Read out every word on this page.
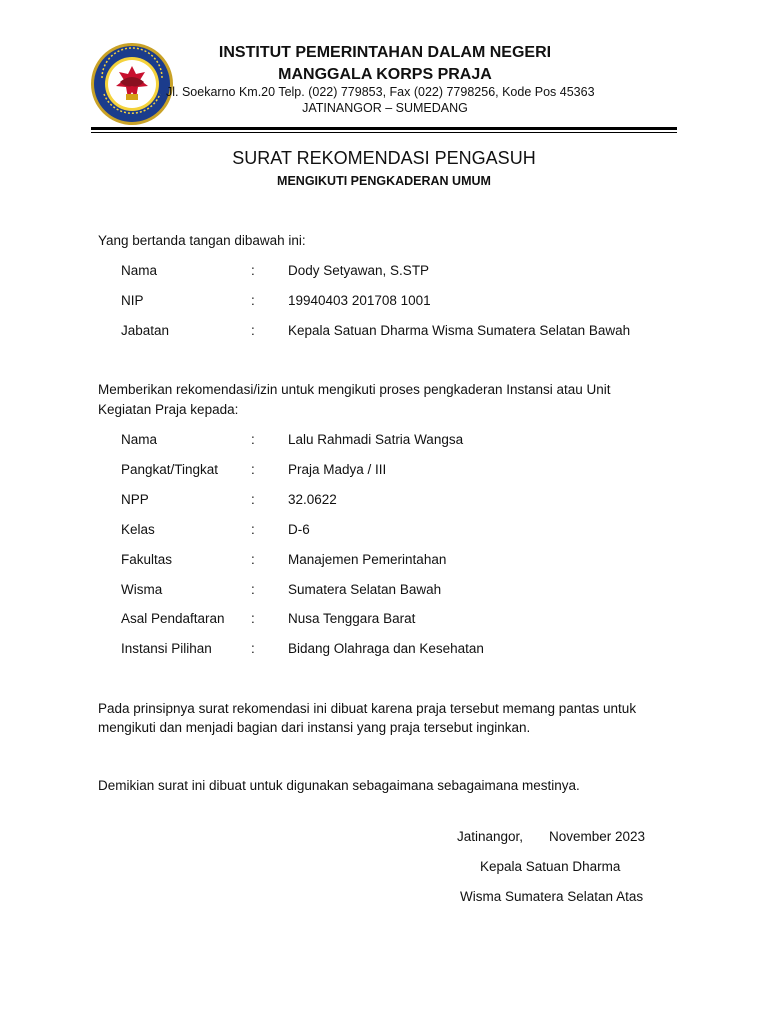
INSTITUT PEMERINTAHAN DALAM NEGERI
MANGGALA KORPS PRAJA
Jl. Soekarno Km.20 Telp. (022) 779853, Fax (022) 7798256, Kode Pos 45363
JATINANGOR – SUMEDANG
SURAT REKOMENDASI PENGASUH
MENGIKUTI PENGKADERAN UMUM
Yang bertanda tangan dibawah ini:
Nama	: Dody Setyawan, S.STP
NIP	: 19940403 201708 1001
Jabatan	: Kepala Satuan Dharma Wisma Sumatera Selatan Bawah
Memberikan rekomendasi/izin untuk mengikuti proses pengkaderan Instansi atau Unit
Kegiatan Praja kepada:
Nama	: Lalu Rahmadi Satria Wangsa
Pangkat/Tingkat : Praja Madya / III
NPP	: 32.0622
Kelas	: D-6
Fakultas	: Manajemen Pemerintahan
Wisma	: Sumatera Selatan Bawah
Asal Pendaftaran : Nusa Tenggara Barat
Instansi Pilihan	: Bidang Olahraga dan Kesehatan
Pada prinsipnya surat rekomendasi ini dibuat karena praja tersebut memang pantas untuk
mengikuti dan menjadi bagian dari instansi yang praja tersebut inginkan.
Demikian surat ini dibuat untuk digunakan sebagaimana sebagaimana mestinya.
Jatinangor, November 2023
Kepala Satuan Dharma
Wisma Sumatera Selatan Atas
